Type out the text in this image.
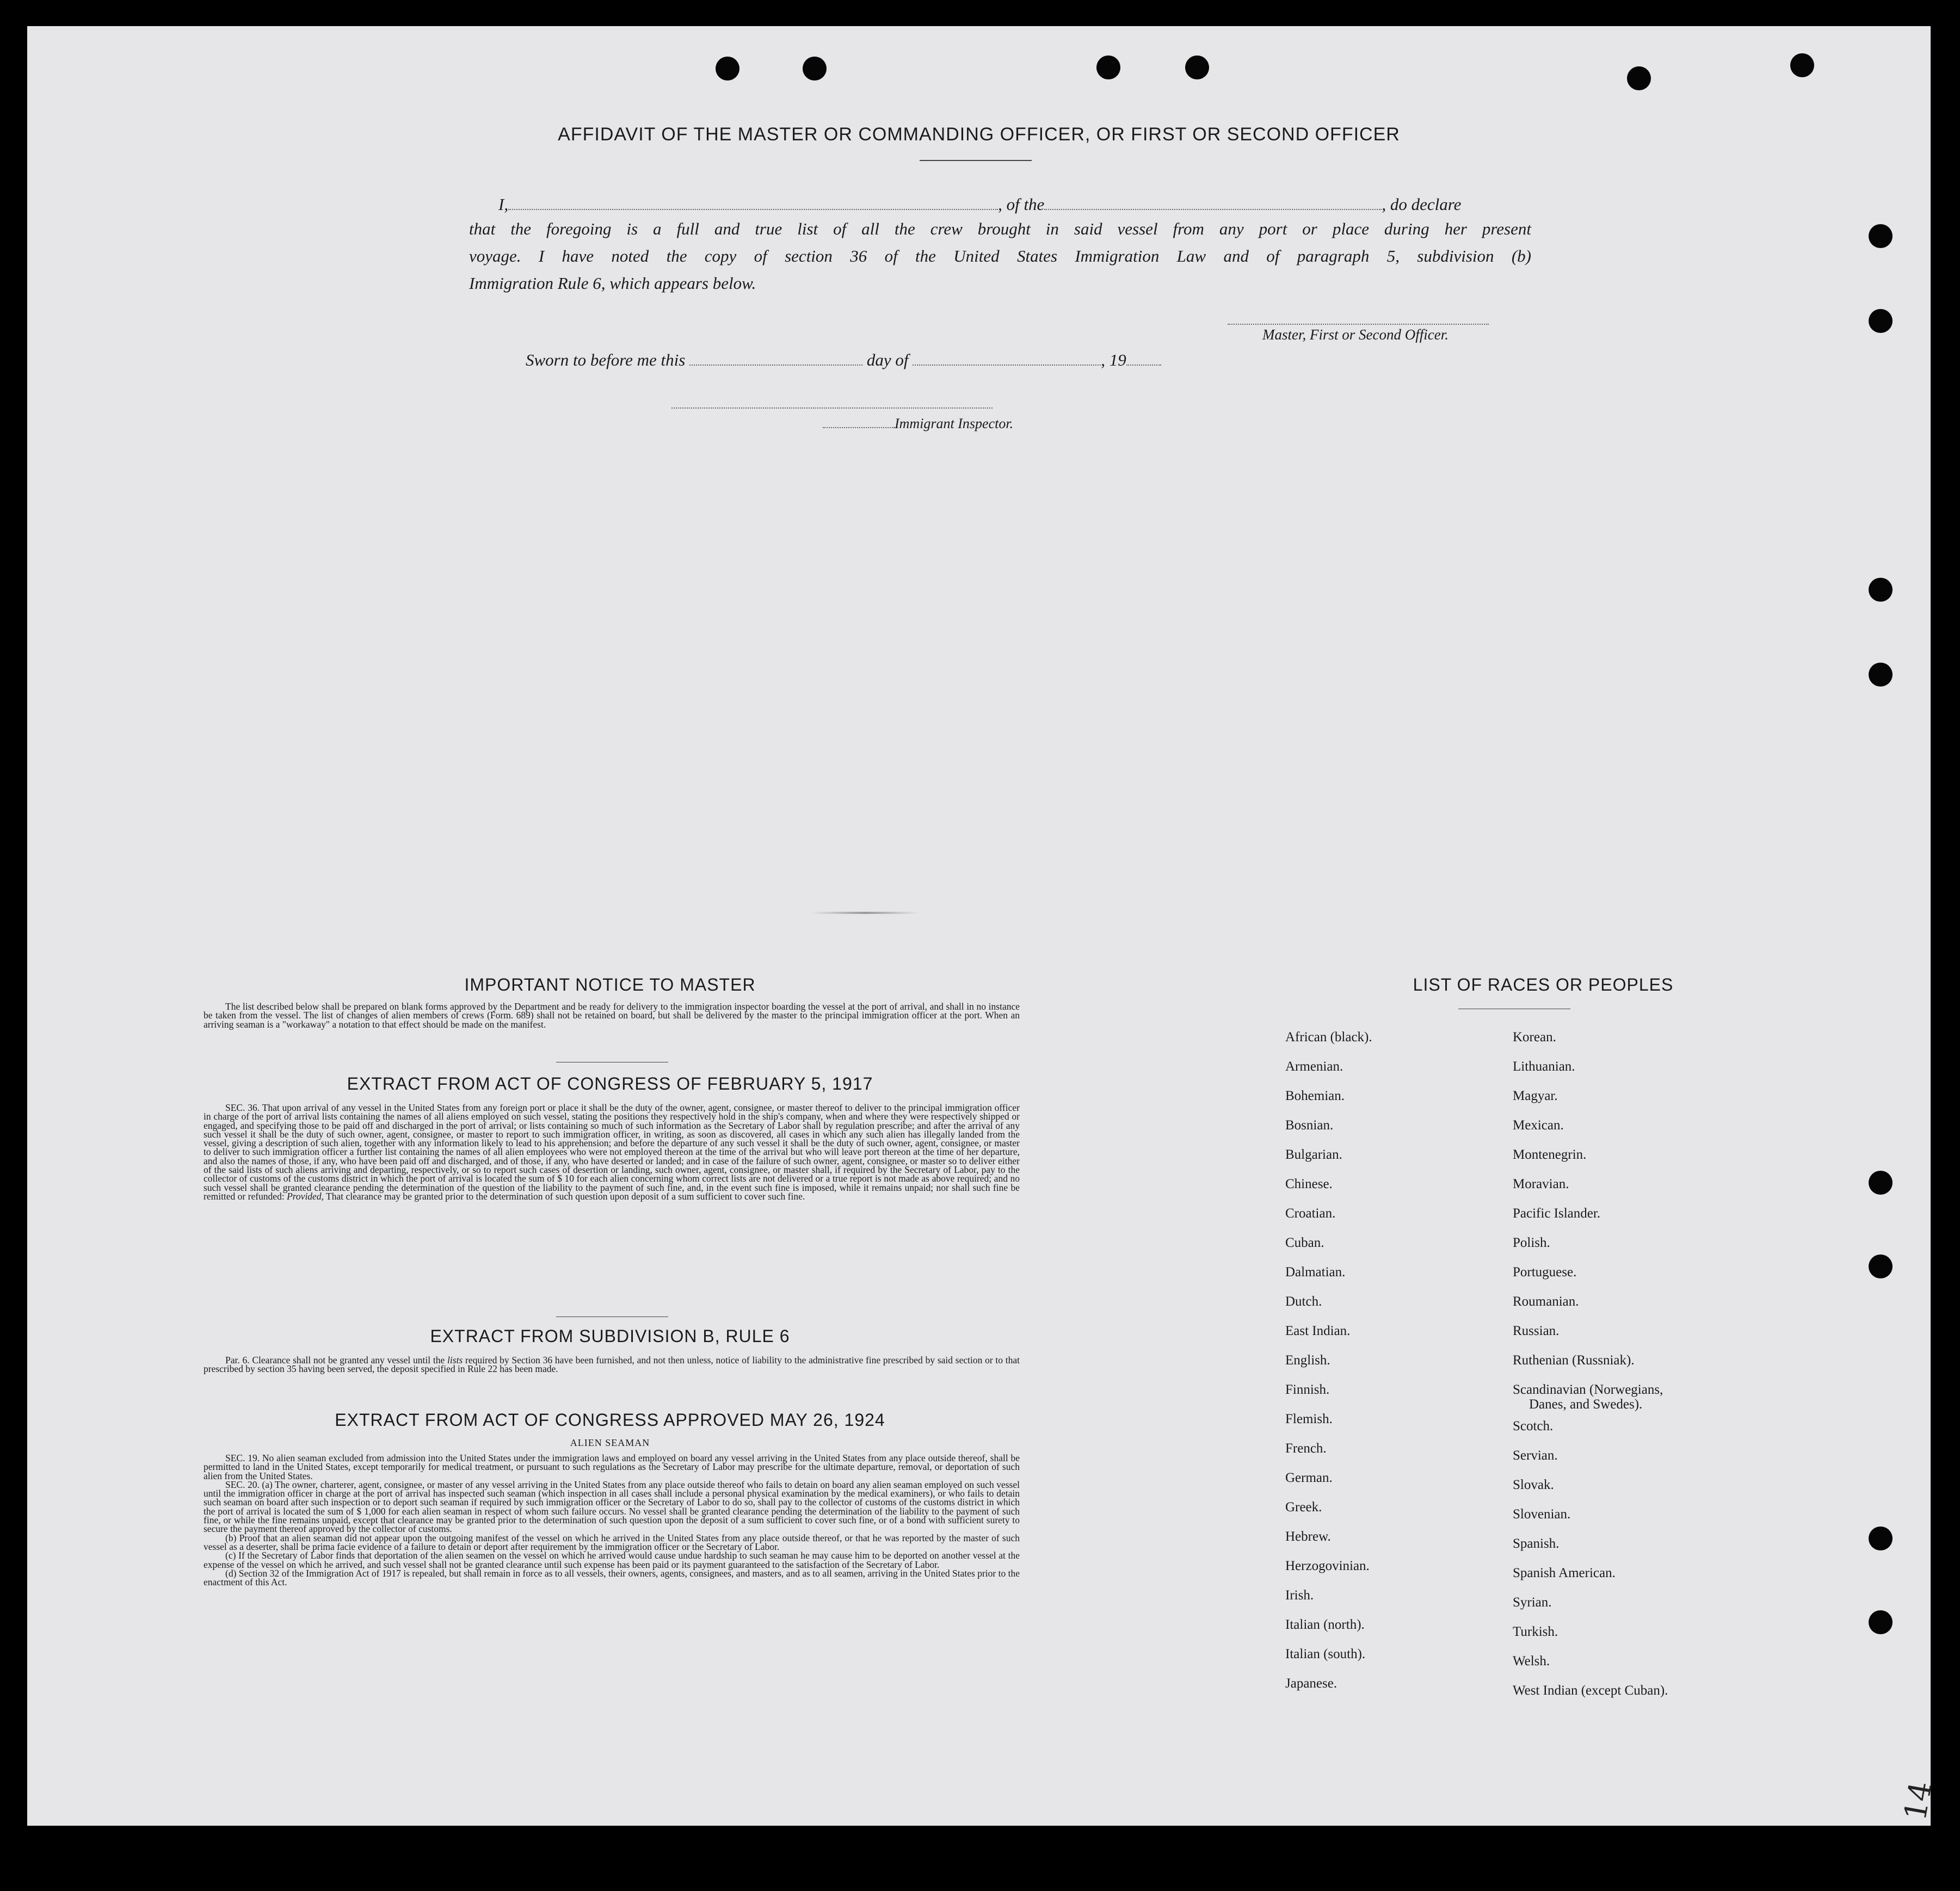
AFFIDAVIT OF THE MASTER OR COMMANDING OFFICER, OR FIRST OR SECOND OFFICER
I,	, of the	, do declare
that the foregoing is a full and true list of all the crew brought in said vessel from any port or place during her present
voyage. I have noted the copy of section 36 of the United States Immigration Law and of paragraph 5, subdivision (b)
Immigration Rule 6, which appears below.
Master, First or Second Officer.
Sworn to before me this	day of	, 19
Immigrant Inspector.
IMPORTANT NOTICE TO MASTER

The list described below shall be prepared on blank forms approved by the Department and be ready for delivery to the immigration inspector boarding the vessel at the port of arrival, and shall in no instance be taken from the vessel. The list of changes of alien members of crews (Form. 689) shall not be retained on board, but shall be delivered by the master to the principal immigration officer at the port. When an arriving seaman is a "workaway" a notation to that effect should be made on the manifest.

EXTRACT FROM ACT OF CONGRESS OF FEBRUARY 5, 1917

SEC. 36. That upon arrival of any vessel in the United States from any foreign port or place it shall be the duty of the owner, agent, consignee, or master thereof to deliver to the principal immigration officer in charge of the port of arrival lists containing the names of all aliens employed on such vessel, stating the positions they respectively hold in the ship's company, when and where they were respectively shipped or engaged, and specifying those to be paid off and discharged in the port of arrival; or lists containing so much of such information as the Secretary of Labor shall by regulation prescribe; and after the arrival of any such vessel it shall be the duty of such owner, agent, consignee, or master to report to such immigration officer, in writing, as soon as discovered, all cases in which any such alien has illegally landed from the vessel, giving a description of such alien, together with any information likely to lead to his apprehension; and before the departure of any such vessel it shall be the duty of such owner, agent, consignee, or master to deliver to such immigration officer a further list containing the names of all alien employees who were not employed thereon at the time of the arrival but who will leave port thereon at the time of her departure, and also the names of those, if any, who have been paid off and discharged, and of those, if any, who have deserted or landed; and in case of the failure of such owner, agent, consignee, or master so to deliver either of the said lists of such aliens arriving and departing, respectively, or so to report such cases of desertion or landing, such owner, agent, consignee, or master shall, if required by the Secretary of Labor, pay to the collector of customs of the customs district in which the port of arrival is located the sum of $ 10 for each alien concerning whom correct lists are not delivered or a true report is not made as above required; and no such vessel shall be granted clearance pending the determination of the question of the liability to the payment of such fine, and, in the event such fine is imposed, while it remains unpaid; nor shall such fine be remitted or refunded: Provided, That clearance may be granted prior to the determination of such question upon deposit of a sum sufficient to cover such fine.

EXTRACT FROM SUBDIVISION B, RULE 6

Par. 6. Clearance shall not be granted any vessel until the lists required by Section 36 have been furnished, and not then unless, notice of liability to the administrative fine prescribed by said section or to that prescribed by section 35 having been served, the deposit specified in Rule 22 has been made.

EXTRACT FROM ACT OF CONGRESS APPROVED MAY 26, 1924
ALIEN SEAMAN

SEC. 19. No alien seaman excluded from admission into the United States under the immigration laws and employed on board any vessel arriving in the United States from any place outside thereof, shall be permitted to land in the United States, except temporarily for medical treatment, or pursuant to such regulations as the Secretary of Labor may prescribe for the ultimate departure, removal, or deportation of such alien from the United States.

SEC. 20. (a) The owner, charterer, agent, consignee, or master of any vessel arriving in the United States from any place outside thereof who fails to detain on board any alien seaman employed on such vessel until the immigration officer in charge at the port of arrival has inspected such seaman (which inspection in all cases shall include a personal physical examination by the medical examiners), or who fails to detain such seaman on board after such inspection or to deport such seaman if required by such immigration officer or the Secretary of Labor to do so, shall pay to the collector of customs of the customs district in which the port of arrival is located the sum of $ 1,000 for each alien seaman in respect of whom such failure occurs. No vessel shall be granted clearance pending the determination of the liability to the payment of such fine, or while the fine remains unpaid, except that clearance may be granted prior to the determination of such question upon the deposit of a sum sufficient to cover such fine, or of a bond with sufficient surety to secure the payment thereof approved by the collector of customs.

(b) Proof that an alien seaman did not appear upon the outgoing manifest of the vessel on which he arrived in the United States from any place outside thereof, or that he was reported by the master of such vessel as a deserter, shall be prima facie evidence of a failure to detain or deport after requirement by the immigration officer or the Secretary of Labor.

(c) If the Secretary of Labor finds that deportation of the alien seamen on the vessel on which he arrived would cause undue hardship to such seaman he may cause him to be deported on another vessel at the expense of the vessel on which he arrived, and such vessel shall not be granted clearance until such expense has been paid or its payment guaranteed to the satisfaction of the Secretary of Labor.

(d) Section 32 of the Immigration Act of 1917 is repealed, but shall remain in force as to all vessels, their owners, agents, consignees, and masters, and as to all seamen, arriving in the United States prior to the enactment of this Act.

LIST OF RACES OR PEOPLES
African (black).
Armenian.
Bohemian.
Bosnian.
Bulgarian.
Chinese.
Croatian.
Cuban.
Dalmatian.
Dutch.
East Indian.
English.
Finnish.
Flemish.
French.
German.
Greek.
Hebrew.
Herzogovinian.
Irish.
Italian (north).
Italian (south).
Japanese.
Korean.
Lithuanian.
Magyar.
Mexican.
Montenegrin.
Moravian.
Pacific Islander.
Polish.
Portuguese.
Roumanian.
Russian.
Ruthenian (Russniak).
Scandinavian (Norwegians,
Danes, and Swedes).
Scotch.
Servian.
Slovak.
Slovenian.
Spanish.
Spanish American.
Syrian.
Turkish.
Welsh.
West Indian (except Cuban).
14
